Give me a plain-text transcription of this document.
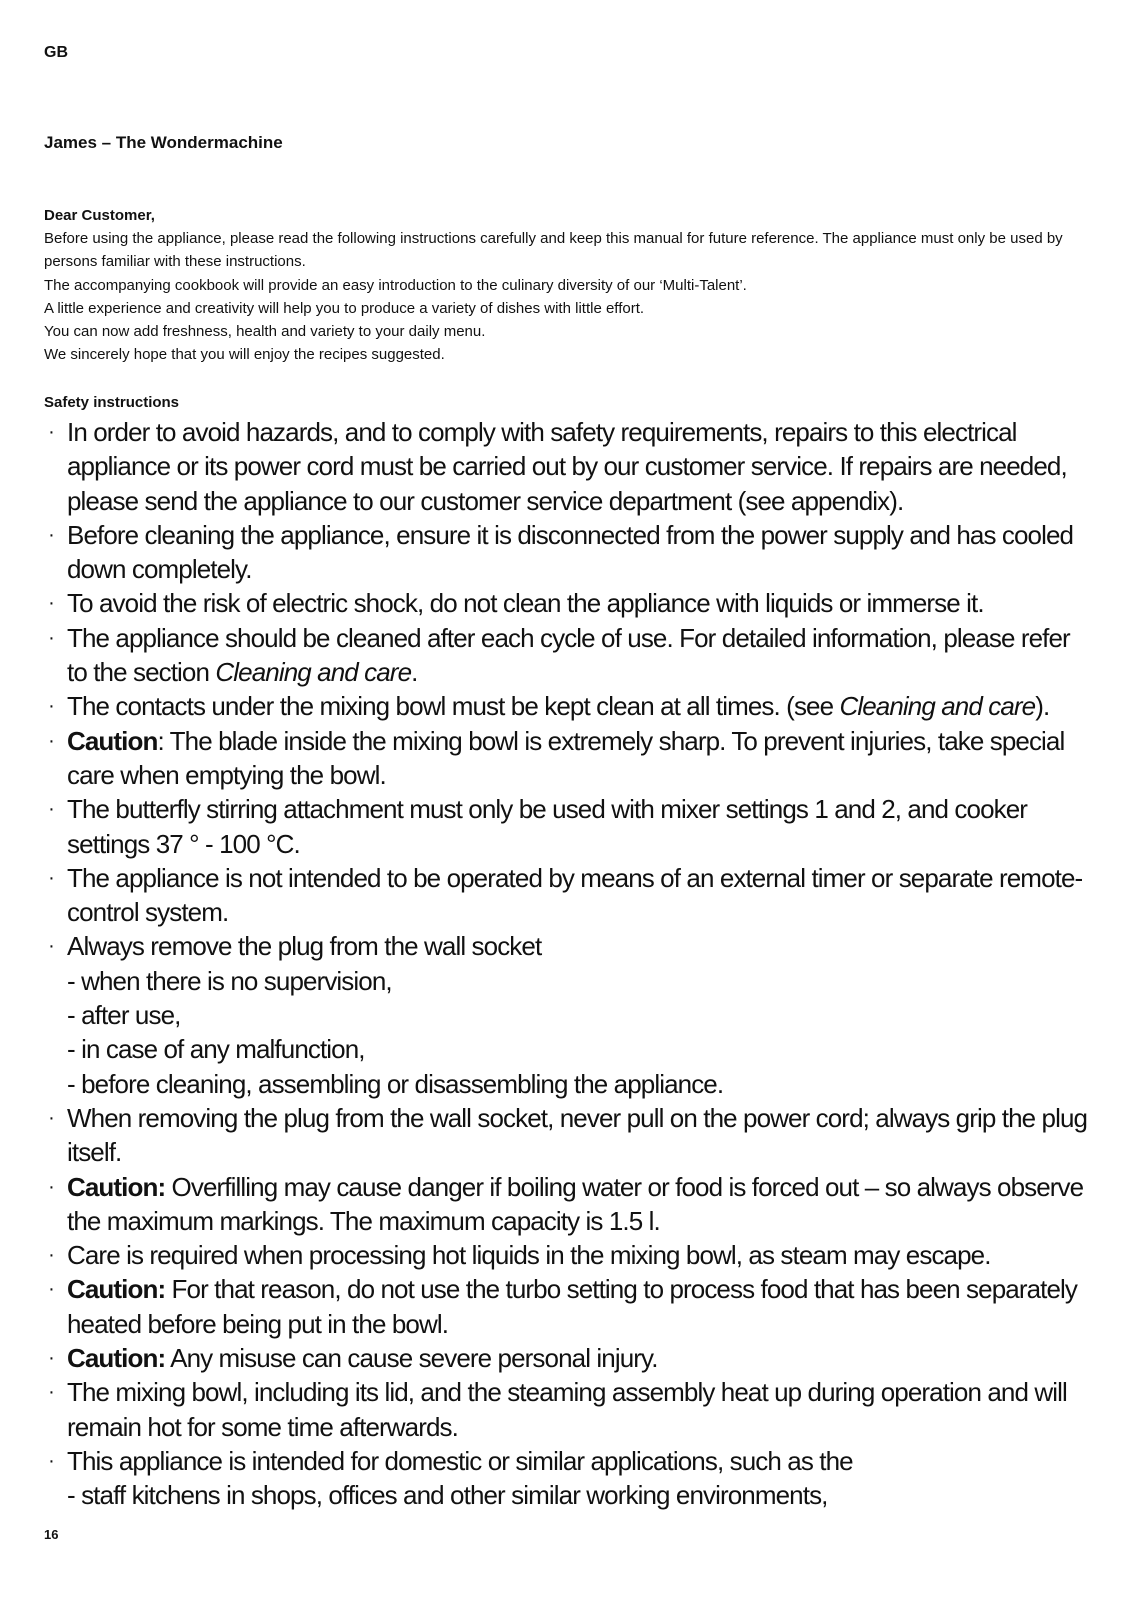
GB
James – The Wondermachine

Dear Customer,

Before using the appliance, please read the following instructions carefully and keep this manual for future reference. The appliance must only be used by persons familiar with these instructions.

The accompanying cookbook will provide an easy introduction to the culinary diversity of our ‘Multi-Talent’.

A little experience and creativity will help you to produce a variety of dishes with little effort.

You can now add freshness, health and variety to your daily menu.

We sincerely hope that you will enjoy the recipes suggested.

Safety instructions
· In order to avoid hazards, and to comply with safety requirements, repairs to this electrical appliance or its power cord must be carried out by our customer service. If repairs are needed, please send the appliance to our customer service department (see appendix).
· Before cleaning the appliance, ensure it is disconnected from the power supply and has cooled down completely.
· To avoid the risk of electric shock, do not clean the appliance with liquids or immerse it.
· The appliance should be cleaned after each cycle of use. For detailed information, please refer to the section Cleaning and care.
· The contacts under the mixing bowl must be kept clean at all times. (see Cleaning and care).
· Caution: The blade inside the mixing bowl is extremely sharp. To prevent injuries, take special care when emptying the bowl.
· The butterfly stirring attachment must only be used with mixer settings 1 and 2, and cooker settings 37 ° - 100 °C.
· The appliance is not intended to be operated by means of an external timer or separate remote-control system.
· Always remove the plug from the wall socket
- when there is no supervision,
- after use,
- in case of any malfunction,
- before cleaning, assembling or disassembling the appliance.
· When removing the plug from the wall socket, never pull on the power cord; always grip the plug itself.
· Caution: Overfilling may cause danger if boiling water or food is forced out – so always observe the maximum markings. The maximum capacity is 1.5 l.
· Care is required when processing hot liquids in the mixing bowl, as steam may escape.
· Caution: For that reason, do not use the turbo setting to process food that has been separately heated before being put in the bowl.
· Caution: Any misuse can cause severe personal injury.
· The mixing bowl, including its lid, and the steaming assembly heat up during operation and will remain hot for some time afterwards.
· This appliance is intended for domestic or similar applications, such as the
- staff kitchens in shops, offices and other similar working environments,
16
